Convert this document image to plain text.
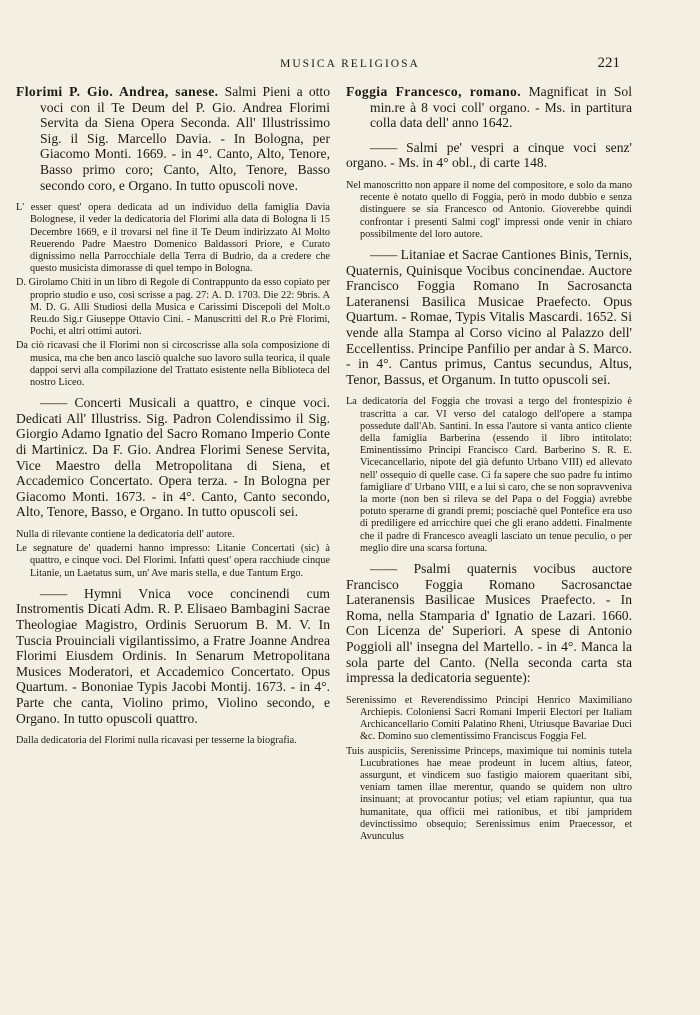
MUSICA RELIGIOSA	221

Florimi P. Gio. Andrea, sanese. Salmi Pieni a otto voci con il Te Deum del P. Gio. Andrea Florimi Servita da Siena Opera Seconda. All' Illustrissimo Sig. il Sig. Marcello Davia. - In Bologna, per Giacomo Monti. 1669. - in 4°. Canto, Alto, Tenore, Basso primo coro; Canto, Alto, Tenore, Basso secondo coro, e Organo. In tutto opuscoli nove.

L' esser quest' opera dedicata ad un individuo della famiglia Davia Bolognese, il veder la dedicatoria del Florimi alla data di Bologna li 15 Decembre 1669, e il trovarsi nel fine il Te Deum indirizzato Al Molto Reuerendo Padre Maestro Domenico Baldassori Priore, e Curato dignissimo nella Parrocchiale della Terra di Budrio, da a credere che questo musicista dimorasse di quel tempo in Bologna.

D. Girolamo Chiti in un libro di Regole di Contrappunto da esso copiato per proprio studio e uso, così scrisse a pag. 27: A. D. 1703. Die 22: 9bris. A M. D. G. Alli Studiosi della Musica e Carissimi Discepoli del Molt.o Reu.do Sig.r Giuseppe Ottavio Cini. - Manuscritti del R.o Prè Florimi, Pochi, et altri ottimi autori.

Da ciò ricavasi che il Florimi non si circoscrisse alla sola composizione di musica, ma che ben anco lasciò qualche suo lavoro sulla teorica, il quale dappoi servi alla compilazione del Trattato esistente nella Biblioteca del nostro Liceo.

—— Concerti Musicali a quattro, e cinque voci. Dedicati All' Illustriss. Sig. Padron Colendissimo il Sig. Giorgio Adamo Ignatio del Sacro Romano Imperio Conte di Martinicz. Da F. Gio. Andrea Florimi Senese Servita, Vice Maestro della Metropolitana di Siena, et Accademico Concertato. Opera terza. - In Bologna per Giacomo Monti. 1673. - in 4°. Canto, Canto secondo, Alto, Tenore, Basso, e Organo. In tutto opuscoli sei.

Nulla di rilevante contiene la dedicatoria dell' autore.

Le segnature de' quaderni hanno impresso: Litanie Concertati (sic) à quattro, e cinque voci. Del Florimi. Infatti quest' opera racchiude cinque Litanie, un Laetatus sum, un' Ave maris stella, e due Tantum Ergo.

—— Hymni Vnica voce concinendi cum Instromentis Dicati Adm. R. P. Elisaeo Bambagini Sacrae Theologiae Magistro, Ordinis Seruorum B. M. V. In Tuscia Prouinciali vigilantissimo, a Fratre Joanne Andrea Florimi Eiusdem Ordinis. In Senarum Metropolitana Musices Moderatori, et Accademico Concertato. Opus Quartum. - Bononiae Typis Jacobi Montij. 1673. - in 4°. Parte che canta, Violino primo, Violino secondo, e Organo. In tutto opuscoli quattro.

Dalla dedicatoria del Florimi nulla ricavasi per tesserne la biografia.

Foggia Francesco, romano. Magnificat in Sol min.re à 8 voci coll' organo. - Ms. in partitura colla data dell' anno 1642.

—— Salmi pe' vespri a cinque voci senz' organo. - Ms. in 4° obl., di carte 148.

Nel manoscritto non appare il nome del compositore, e solo da mano recente è notato quello di Foggia, però in modo dubbio e senza distinguere se sia Francesco od Antonio. Gioverebbe quindi confrontar i presenti Salmi cogl' impressi onde venir in chiaro possibilmente del loro autore.

—— Litaniae et Sacrae Cantiones Binis, Ternis, Quaternis, Quinisque Vocibus concinendae. Auctore Francisco Foggia Romano In Sacrosancta Lateranensi Basilica Musicae Praefecto. Opus Quartum. - Romae, Typis Vitalis Mascardi. 1652. Si vende alla Stampa al Corso vicino al Palazzo dell' Eccellentiss. Principe Panfilio per andar à S. Marco. - in 4°. Cantus primus, Cantus secundus, Altus, Tenor, Bassus, et Organum. In tutto opuscoli sei.

La dedicatoria del Foggia che trovasi a tergo del frontespizio è trascritta a car. VI verso del catalogo dell'opere a stampa possedute dall'Ab. Santini. In essa l'autore si vanta antico cliente della famiglia Barberina (essendo il libro intitolato: Eminentissimo Principi Francisco Card. Barberino S. R. E. Vicecancellario, nipote del già defunto Urbano VIII) ed allevato nell' ossequio di quelle case. Ci fa sapere che suo padre fu intimo famigliare d' Urbano VIII, e a lui sì caro, che se non sopravveniva la morte (non ben si rileva se del Papa o del Foggia) avrebbe potuto sperarne di grandi premi; posciachè quel Pontefice era uso di prediligere ed arricchire quei che gli erano addetti. Finalmente che il padre di Francesco aveagli lasciato un tenue peculio, o per meglio dire una scarsa fortuna.

—— Psalmi quaternis vocibus auctore Francisco Foggia Romano Sacrosanctae Lateranensis Basilicae Musices Praefecto. - In Roma, nella Stamparia d' Ignatio de Lazari. 1660. Con Licenza de' Superiori. A spese di Antonio Poggioli all' insegna del Martello. - in 4°. Manca la sola parte del Canto. (Nella seconda carta sta impressa la dedicatoria seguente):

Serenissimo et Reverendissimo Principi Henrico Maximiliano Archiepis. Coloniensi Sacri Romani Imperii Electori per Italiam Archicancellario Comiti Palatino Rheni, Utriusque Bavariae Duci &c. Domino suo clementissimo Franciscus Foggia Fel.

Tuis auspiciis, Serenissime Princeps, maximique tui nominis tutela Lucubrationes hae meae prodeunt in lucem altius, fateor, assurgunt, et vindicem suo fastigio maiorem quaeritant sibi, veniam tamen illae merentur, quando se quidem non ultro insinuant; at provocantur potius; vel etiam rapiuntur, qua tua humanitate, qua officii mei rationibus, et tibi jampridem devinctissimo obsequio; Serenissimus enim Praecessor, et Avunculus
